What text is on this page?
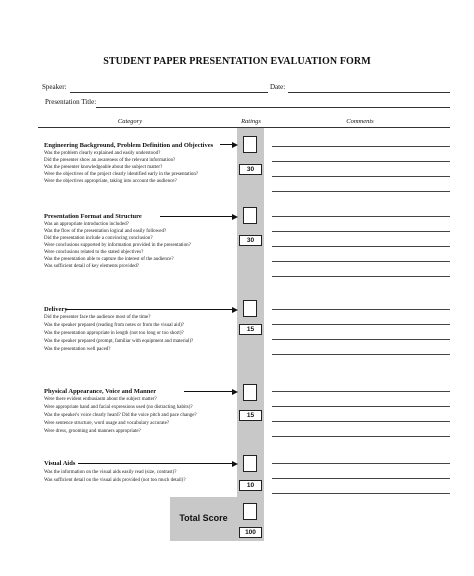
STUDENT PAPER PRESENTATION EVALUATION FORM
Speaker:	Date:
Presentation Title:
Category	Ratings	Comments
Engineering Background, Problem Definition and Objectives
Was the problem clearly explained and easily understood?
Did the presenter show an awareness of the relevant information?
Was the presenter knowledgeable about the subject matter?
Were the objectives of the project clearly identified early in the presentation?
Were the objectives appropriate, taking into account the audience?
30
Presentation Format and Structure
Was an appropriate introduction included?
Was the flow of the presentation logical and easily followed?
Did the presentation include a convincing conclusion?
Were conclusions supported by information provided in the presentation?
Were conclusions related to the stated objectives?
Was the presentation able to capture the interest of the audience?
Was sufficient detail of key elements provided?
30
Delivery
Did the presenter face the audience most of the time?
Was the speaker prepared (reading from notes or from the visual aid)?
Was the presentation appropriate in length (not too long or too short)?
Was the speaker prepared (prompt, familiar with equipment and material)?
Was the presentation well paced?
15
Physical Appearance, Voice and Manner
Were there evident enthusiasm about the subject matter?
Were appropriate hand and facial expressions used (no distracting habits)?
Was the speaker's voice clearly heard? Did the voice pitch and pace change?
Were sentence structure, word usage and vocabulary accurate?
Were dress, grooming and manners appropriate?
15
Visual Aids
Was the information on the visual aids easily read (size, contrast)?
Was sufficient detail on the visual aids provided (not too much detail)?
10
Total Score
100
